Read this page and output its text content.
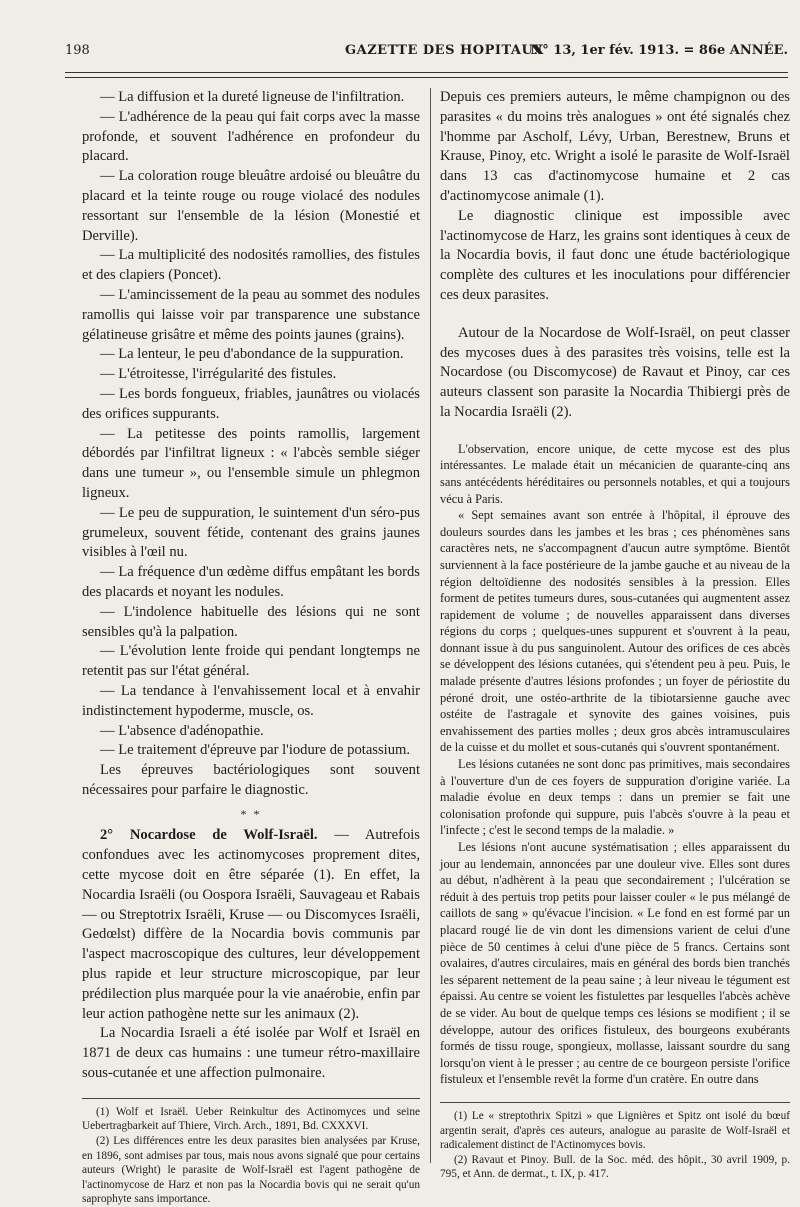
198	GAZETTE DES HOPITAUX
N° 13, 1er fév. 1913. = 86e ANNÉE.

— La diffusion et la dureté ligneuse de l'infiltration.

— L'adhérence de la peau qui fait corps avec la masse profonde, et souvent l'adhérence en profondeur du placard.

— La coloration rouge bleuâtre ardoisé ou bleuâtre du placard et la teinte rouge ou rouge violacé des nodules ressortant sur l'ensemble de la lésion (Monestié et Derville).

— La multiplicité des nodosités ramollies, des fistules et des clapiers (Poncet).

— L'amincissement de la peau au sommet des nodules ramollis qui laisse voir par transparence une substance gélatineuse grisâtre et même des points jaunes (grains).

— La lenteur, le peu d'abondance de la suppuration.

— L'étroitesse, l'irrégularité des fistules.

— Les bords fongueux, friables, jaunâtres ou violacés des orifices suppurants.

— La petitesse des points ramollis, largement débordés par l'infiltrat ligneux : « l'abcès semble siéger dans une tumeur », ou l'ensemble simule un phlegmon ligneux.

— Le peu de suppuration, le suintement d'un séro-pus grumeleux, souvent fétide, contenant des grains jaunes visibles à l'œil nu.

— La fréquence d'un œdème diffus empâtant les bords des placards et noyant les nodules.

— L'indolence habituelle des lésions qui ne sont sensibles qu'à la palpation.

— L'évolution lente froide qui pendant longtemps ne retentit pas sur l'état général.

— La tendance à l'envahissement local et à envahir indistinctement hypoderme, muscle, os.

— L'absence d'adénopathie.

— Le traitement d'épreuve par l'iodure de potassium.

Les épreuves bactériologiques sont souvent nécessaires pour parfaire le diagnostic.

* *

2° Nocardose de Wolf-Israël. — Autrefois confondues avec les actinomycoses proprement dites, cette mycose doit en être séparée (1). En effet, la Nocardia Israëli (ou Oospora Israëli, Sauvageau et Rabais — ou Streptotrix Israëli, Kruse — ou Discomyces Israëli, Gedœlst) diffère de la Nocardia bovis communis par l'aspect macroscopique des cultures, leur développement plus rapide et leur structure microscopique, par leur prédilection plus marquée pour la vie anaérobie, enfin par leur action pathogène nette sur les animaux (2).

La Nocardia Israeli a été isolée par Wolf et Israël en 1871 de deux cas humains : une tumeur rétro-maxillaire sous-cutanée et une affection pulmonaire.

(1) Wolf et Israël. Ueber Reinkultur des Actinomyces und seine Uebertragbarkeit auf Thiere, Virch. Arch., 1891, Bd. CXXXVI.

(2) Les différences entre les deux parasites bien analysées par Kruse, en 1896, sont admises par tous, mais nous avons signalé que pour certains auteurs (Wright) le parasite de Wolf-Israël est l'agent pathogène de l'actinomycose de Harz et non pas la Nocardia bovis qui ne serait qu'un saprophyte sans importance.

Depuis ces premiers auteurs, le même champignon ou des parasites « du moins très analogues » ont été signalés chez l'homme par Ascholf, Lévy, Urban, Berestnew, Bruns et Krause, Pinoy, etc. Wright a isolé le parasite de Wolf-Israël dans 13 cas d'actinomycose humaine et 2 cas d'actinomycose animale (1).

Le diagnostic clinique est impossible avec l'actinomycose de Harz, les grains sont identiques à ceux de la Nocardia bovis, il faut donc une étude bactériologique complète des cultures et les inoculations pour différencier ces deux parasites.

Autour de la Nocardose de Wolf-Israël, on peut classer des mycoses dues à des parasites très voisins, telle est la Nocardose (ou Discomycose) de Ravaut et Pinoy, car ces auteurs classent son parasite la Nocardia Thibiergi près de la Nocardia Israëli (2).

L'observation, encore unique, de cette mycose est des plus intéressantes. Le malade était un mécanicien de quarante-cinq ans sans antécédents héréditaires ou personnels notables, et qui a toujours vécu à Paris.

« Sept semaines avant son entrée à l'hôpital, il éprouve des douleurs sourdes dans les jambes et les bras ; ces phénomènes sans caractères nets, ne s'accompagnent d'aucun autre symptôme. Bientôt surviennent à la face postérieure de la jambe gauche et au niveau de la région deltoïdienne des nodosités sensibles à la pression. Elles forment de petites tumeurs dures, sous-cutanées qui augmentent assez rapidement de volume ; de nouvelles apparaissent dans diverses régions du corps ; quelques-unes suppurent et s'ouvrent à la peau, donnant issue à du pus sanguinolent. Autour des orifices de ces abcès se développent des lésions cutanées, qui s'étendent peu à peu. Puis, le malade présente d'autres lésions profondes ; un foyer de périostite du péroné droit, une ostéo-arthrite de la tibiotarsienne gauche avec ostéite de l'astragale et synovite des gaines voisines, puis envahissement des parties molles ; deux gros abcès intramusculaires de la cuisse et du mollet et sous-cutanés qui s'ouvrent spontanément.

Les lésions cutanées ne sont donc pas primitives, mais secondaires à l'ouverture d'un de ces foyers de suppuration d'origine variée. La maladie évolue en deux temps : dans un premier se fait une colonisation profonde qui suppure, puis l'abcès s'ouvre à la peau et l'infecte ; c'est le second temps de la maladie. »

Les lésions n'ont aucune systématisation ; elles apparaissent du jour au lendemain, annoncées par une douleur vive. Elles sont dures au début, n'adhèrent à la peau que secondairement ; l'ulcération se réduit à des pertuis trop petits pour laisser couler « le pus mélangé de caillots de sang » qu'évacue l'incision. « Le fond en est formé par un placard rougé lie de vin dont les dimensions varient de celui d'une pièce de 50 centimes à celui d'une pièce de 5 francs. Certains sont ovalaires, d'autres circulaires, mais en général des bords bien tranchés les séparent nettement de la peau saine ; à leur niveau le tégument est épaissi. Au centre se voient les fistulettes par lesquelles l'abcès achève de se vider. Au bout de quelque temps ces lésions se modifient ; il se développe, autour des orifices fistuleux, des bourgeons exubérants formés de tissu rouge, spongieux, mollasse, laissant sourdre du sang lorsqu'on vient à le presser ; au centre de ce bourgeon persiste l'orifice fistuleux et l'ensemble revêt la forme d'un cratère. En outre dans

(1) Le « streptothrix Spitzi » que Lignières et Spitz ont isolé du bœuf argentin serait, d'après ces auteurs, analogue au parasite de Wolf-Israël et radicalement distinct de l'Actinomyces bovis.

(2) Ravaut et Pinoy. Bull. de la Soc. méd. des hôpit., 30 avril 1909, p. 795, et Ann. de dermat., t. IX, p. 417.
